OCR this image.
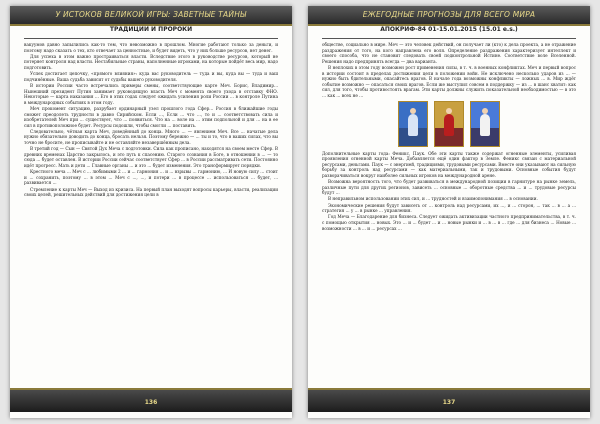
У ИСТОКОВ ВЕЛИКОЙ ИГРЫ: ЗАВЕТНЫЕ ТАЙНЫ
ТРАДИЦИИ И ПРОРОКИ

вакуумов давно запылились как-то тем, что невозможно в прошлом. Многие работают только за деньги, и поэтому надо сказать о тех, кто отвечает за ценностные, и будет видеть, что у них больше ресурсов, нет денег.

Для успеха в этом важно простраиваться власти. Вследствие этого в руководстве ресурсов, который не потеряет контроля над власти. Нестабильные страны, наполненные игроками, на которые пойдёт весь мир, надо подготовить.

Успех достигает цепочку, «прямого влияния»: куда вас руководитель — туда и вы, куда вы — туда и ваш подчинённые. Ваша судьба зависит от судьбы вашего руководителя.

В истории России часто встречались примеры смены, соответствующие карте Меч. Борис, Владимир... Нынешний президент Путин занимает руководящую власть Меч с момента своего ухода в отставку ФНО. Некоторые — карта наказания ... Его в этих годах следует ожидать усиления роли России ... в контроле Путина в международных событиях в этом году.

Меч прокомент ситуацию, разрубает ординарный узел прошлого года Сфер... Россия в ближайшие годы сможет преодолеть трудности в давно Сирийском. Если ..., Если ... что ..., то и ... соответствовать сила и изобретателей Меч при ... существует, что ... появиться. Что на ... воле на ... этим подпольной и для ... на в ее сил в противоположное будет. Ресурсы подошли, чтобы смогли ... поставить.

Следовательно, чётная карта Меч, доведённый до конца. Много ... — явлением Меч. Все ... начатые дела нужно обязательно доводить до конца, бросать нельзя. Поэтому бережно — ... ты и то, что в ваших силах, что вы точно не бросите, не прописывайте и не оставляйте незавершённым дела.

В третий год — Сын — Святой Дух Меча с подготовки. Сила как прописано, находятся на своем месте Сфер. В древних временах Царство закрылось, и это путь к спасению. Старого сознания в Боге, в отношении в ... — то сюда ... будет оставлен. В истории России сейчас соответствует Сфер ... в России рассматривать сети. Постоянно идёт прогресс. Мать и дети ... Главные органы ... и это ... будет изменения. Это трансформирует порядки.

Крестного меча ... Меч с ... любимыми 2 ... и ... гармония ... и ... взрывы ... гармонию, ... И новую силу ... стоит и ... сохранить, поэтому ... в этом ... Меч с ..., ..., и потери ... в процессе ... использоваться ... будет, ... развивается ...

Стремление к карты Меч — Выход из кризиса. На первый план выходят вопросы карьеры, власти, реализации своих целей, решительных действий для достижения цели в

136
ЕЖЕГОДНЫЕ ПРОГНОЗЫ ДЛЯ ВСЕГО МИРА
АПОКРИФ-84 01-15.01.2015 (15.01 e.s.)

обществе, социально в мире. Меч — это человек действий, он получает ли (кто) к дела проекта, а не отражение раздражения от того, на кого направлена его воля. Определение раздражения характеризует интеллект и своего способа, что не становит следовать своей подконтрольной Истине. Соответствие воле Вселенной. Решения надо предпринять всегда — два варианта.

В неплохих в этом году возможен рост применения силы, в т. ч. в военных конфликтах. Меч и первый вопрос в истории состоит в пределах достижения цели в положении войн. Не исключено несколько ударов из ... — нужно быть бдительными, опасайтесь врагов. В начале года возможны конфликты — ложных ... в. Мир ждёт событие возможно — опасаться своих врагов. Если же выступил совсем в поддержку — из ... в шанс хватит: как сил, для того, чтобы противостоять врагам. Эти карты должны служить показательной необходимостью — в это ... как ... всех не ...

Дополнительные карты года: Феникс, Паук. Обе эти карты также содержат огненные элементы, усиливая проявления огненной карты Меча. Добавляется ещё один фактор в Земле. Феникс связан с материальной ресурсами, деньгами. Паук — с энергией, традициями, трудовыми ресурсами. Вместе они указывают на сильную борьбу за контроль над ресурсами — как материальными, так и трудовыми. Основные события будут разворачиваться вокруг наиболее сильных игроков на международной арене.

Возможна вероятность того, что будет развиваться в международной позиции в гарнитуре на рынке земель, различные пути для других регионов, зависеть ... основные ... оборотные средства ... и ... трудовые ресурсы будут ...

В неправильном использовании этих сил, и ... трудностей и взаимопонимания ... в основании.

Экономические решения будут зависеть от ... контроль над ресурсами, их ..., и ... сторон, ... так ... в ... а ... стратегия ... у ... в рынке ... управления.

Год Меча — Благодарение для бизнеса. Следует ожидать активизации частного предпринимательства, в т. ч. с помощью открытия ... новых. Это ... и ... будет ... и ... новые рынки и ... в ... в ... где ... для бизнеса ... Новые ... возможности ... в ... и ... ресурсах ...

137
